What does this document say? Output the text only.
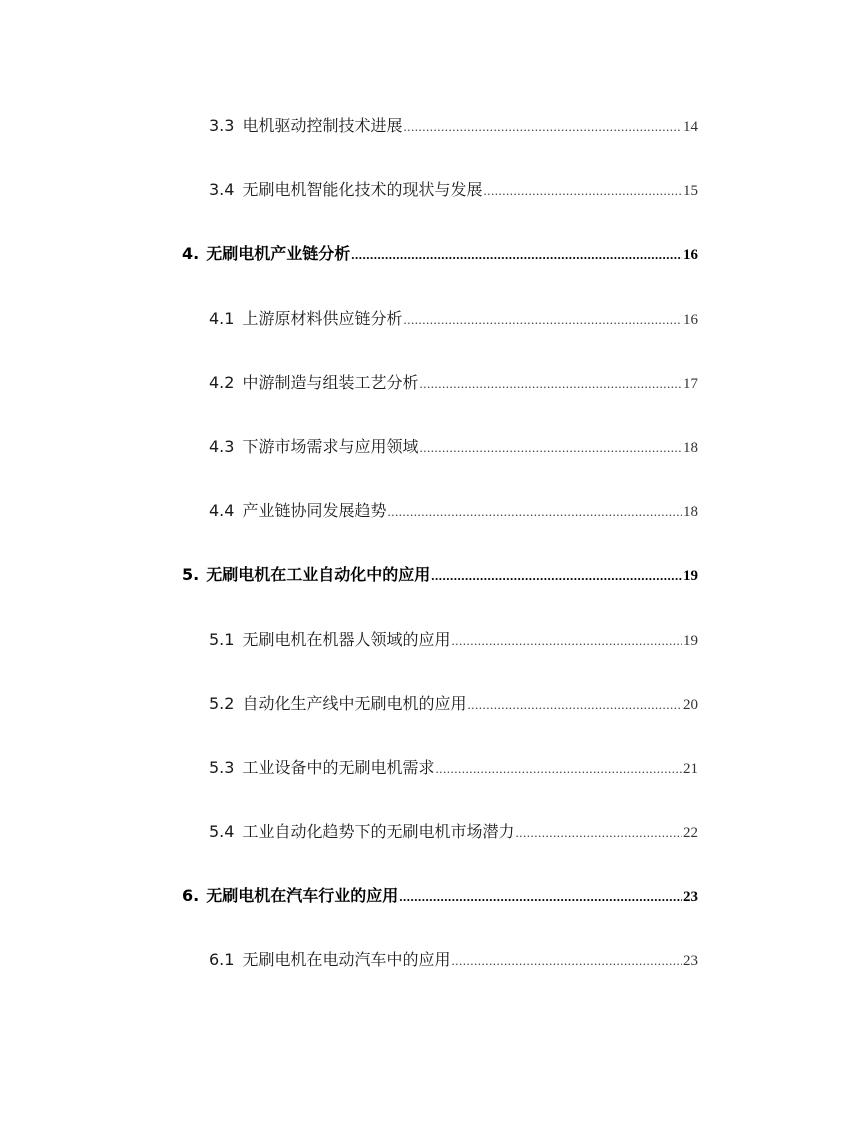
3.3 电机驱动控制技术进展 .....	14
3.4 无刷电机智能化技术的现状与发展 .....	15
4. 无刷电机产业链分析 .....	16
4.1 上游原材料供应链分析 .....	16
4.2 中游制造与组装工艺分析 .....	17
4.3 下游市场需求与应用领域 .....	18
4.4 产业链协同发展趋势 .....	18
5. 无刷电机在工业自动化中的应用 .....	19
5.1 无刷电机在机器人领域的应用 .....	19
5.2 自动化生产线中无刷电机的应用 .....	20
5.3 工业设备中的无刷电机需求 .....	21
5.4 工业自动化趋势下的无刷电机市场潜力 .....	22
6. 无刷电机在汽车行业的应用 .....	23
6.1 无刷电机在电动汽车中的应用 .....	23
